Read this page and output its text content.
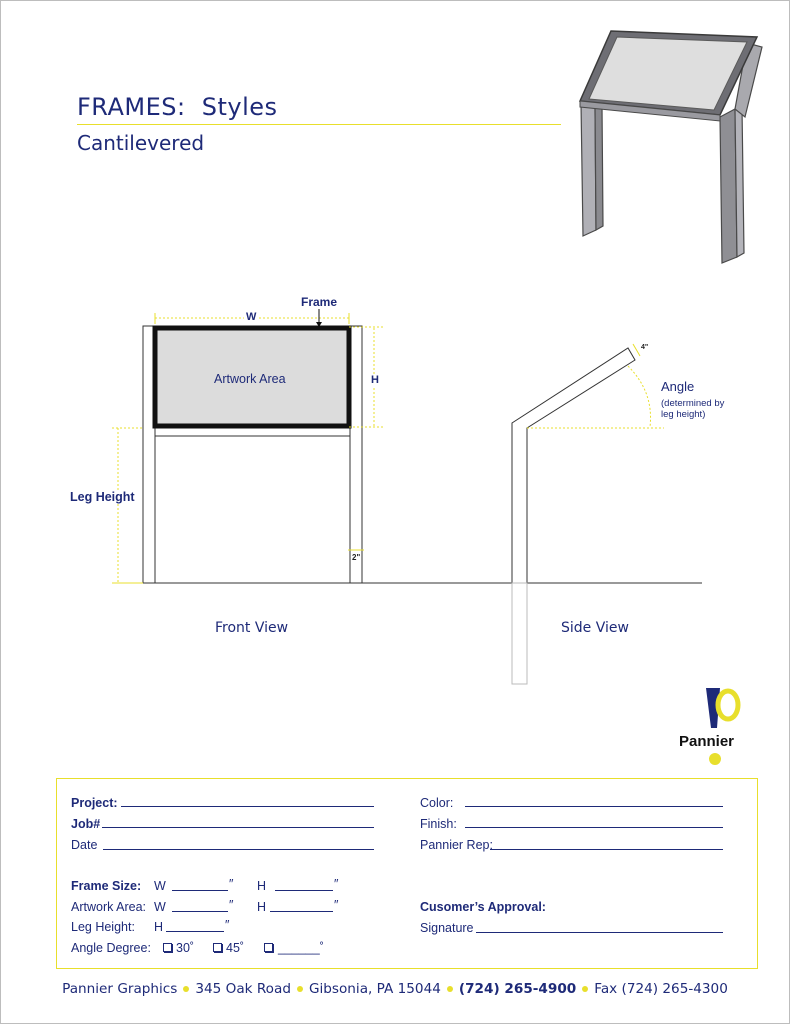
FRAMES: Styles
Cantilevered
Frame
W
H
Artwork Area
Leg Height
2"
4"
Angle
(determined by
leg height)
Front View	Side View
Pannier
Project:
Job#
Date
Color:
Finish:
Pannier Rep:
Frame Size: W	″ H	″
Artwork Area: W	″ H	″
Leg Height: H	″
Angle Degree: 30˚	45˚	______˚
Cusomer’s Approval:
Signature
Pannier Graphics 345 Oak Road Gibsonia, PA 15044 (724) 265-4900 Fax (724) 265-4300
